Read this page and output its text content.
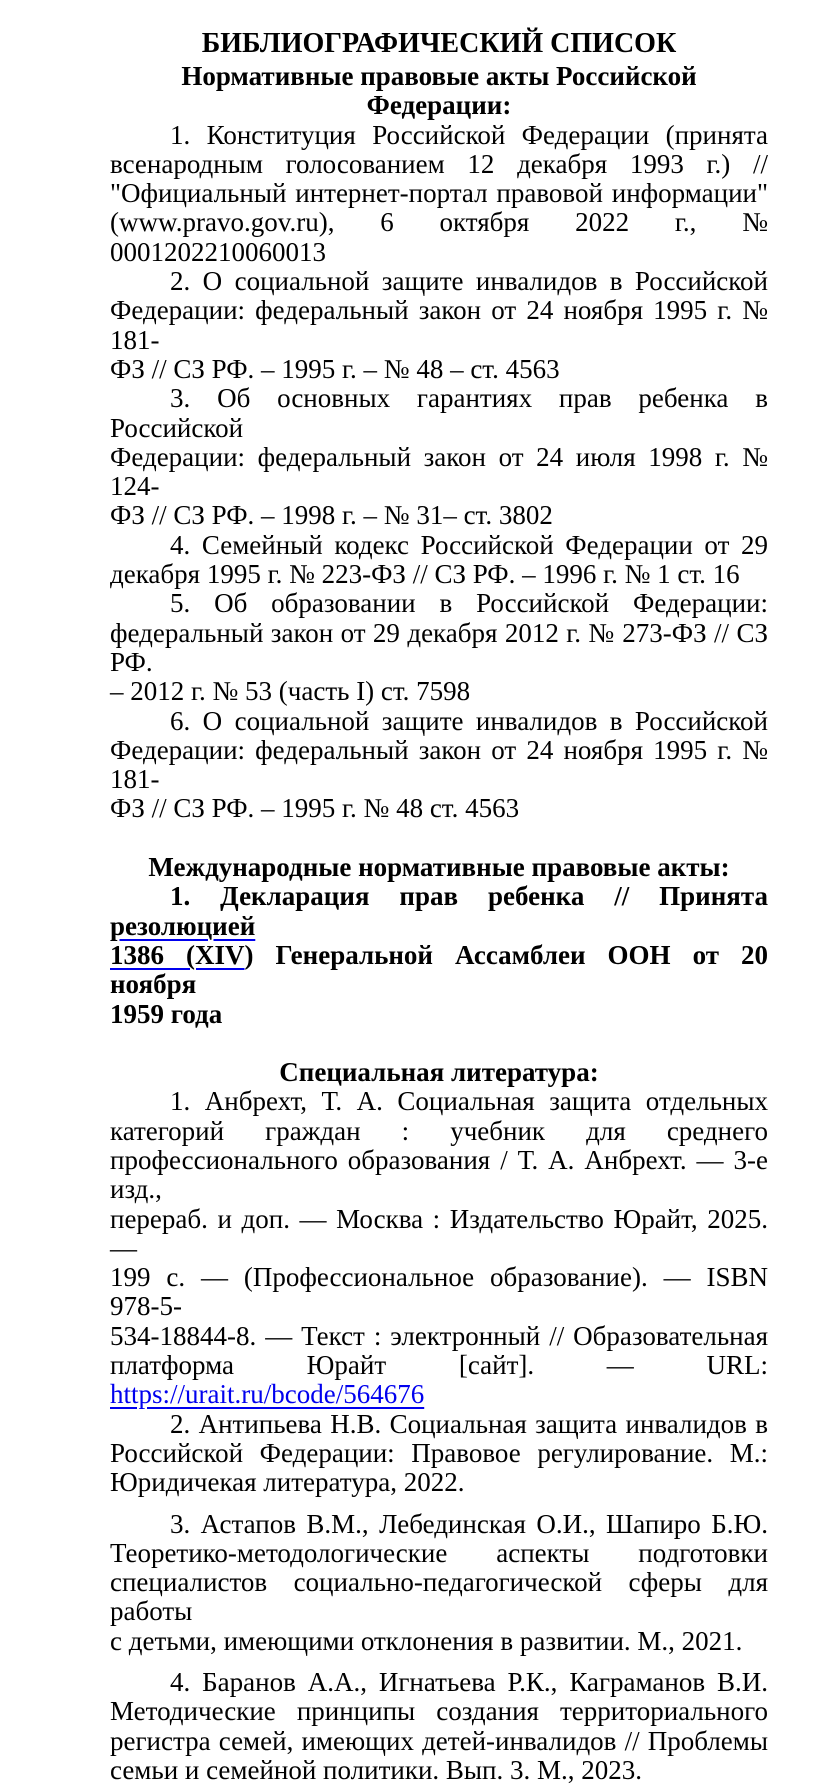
БИБЛИОГРАФИЧЕСКИЙ СПИСОК
Нормативные правовые акты Российской Федерации:
1. Конституция Российской Федерации (принята
всенародным голосованием 12 декабря 1993 г.) //
"Официальный интернет-портал правовой информации"
(www.pravo.gov.ru), 6 октября 2022 г., № 0001202210060013
2. О социальной защите инвалидов в Российской
Федерации: федеральный закон от 24 ноября 1995 г. № 181-
ФЗ // СЗ РФ. – 1995 г. – № 48 – ст. 4563
3. Об основных гарантиях прав ребенка в Российской
Федерации: федеральный закон от 24 июля 1998 г. № 124-
ФЗ // СЗ РФ. – 1998 г. – № 31– ст. 3802
4. Семейный кодекс Российской Федерации от 29
декабря 1995 г. № 223-ФЗ // СЗ РФ. – 1996 г. № 1 ст. 16
5. Об образовании в Российской Федерации:
федеральный закон от 29 декабря 2012 г. № 273-ФЗ // СЗ РФ.
– 2012 г. № 53 (часть I) ст. 7598
6. О социальной защите инвалидов в Российской
Федерации: федеральный закон от 24 ноября 1995 г. № 181-
ФЗ // СЗ РФ. – 1995 г. № 48 ст. 4563
Международные нормативные правовые акты:
1. Декларация прав ребенка // Принята резолюцией
1386 (XIV) Генеральной Ассамблеи ООН от 20 ноября
1959 года
Специальная литература:
1. Анбрехт, Т. А. Социальная защита отдельных
категорий граждан : учебник для среднего
профессионального образования / Т. А. Анбрехт. — 3-е изд.,
перераб. и доп. — Москва : Издательство Юрайт, 2025. —
199 с. — (Профессиональное образование). — ISBN 978-5-
534-18844-8. — Текст : электронный // Образовательная
платформа Юрайт [сайт]. — URL:
https://urait.ru/bcode/564676
2. Антипьева Н.В. Социальная защита инвалидов в
Российской Федерации: Правовое регулирование. М.:
Юридичекая литература, 2022.
3. Астапов В.М., Лебединская О.И., Шапиро Б.Ю.
Теоретико-методологические аспекты подготовки
специалистов социально-педагогической сферы для работы
с детьми, имеющими отклонения в развитии. М., 2021.
4. Баранов А.А., Игнатьева Р.К., Каграманов В.И.
Методические принципы создания территориального
регистра семей, имеющих детей-инвалидов // Проблемы
семьи и семейной политики. Вып. 3. М., 2023.
